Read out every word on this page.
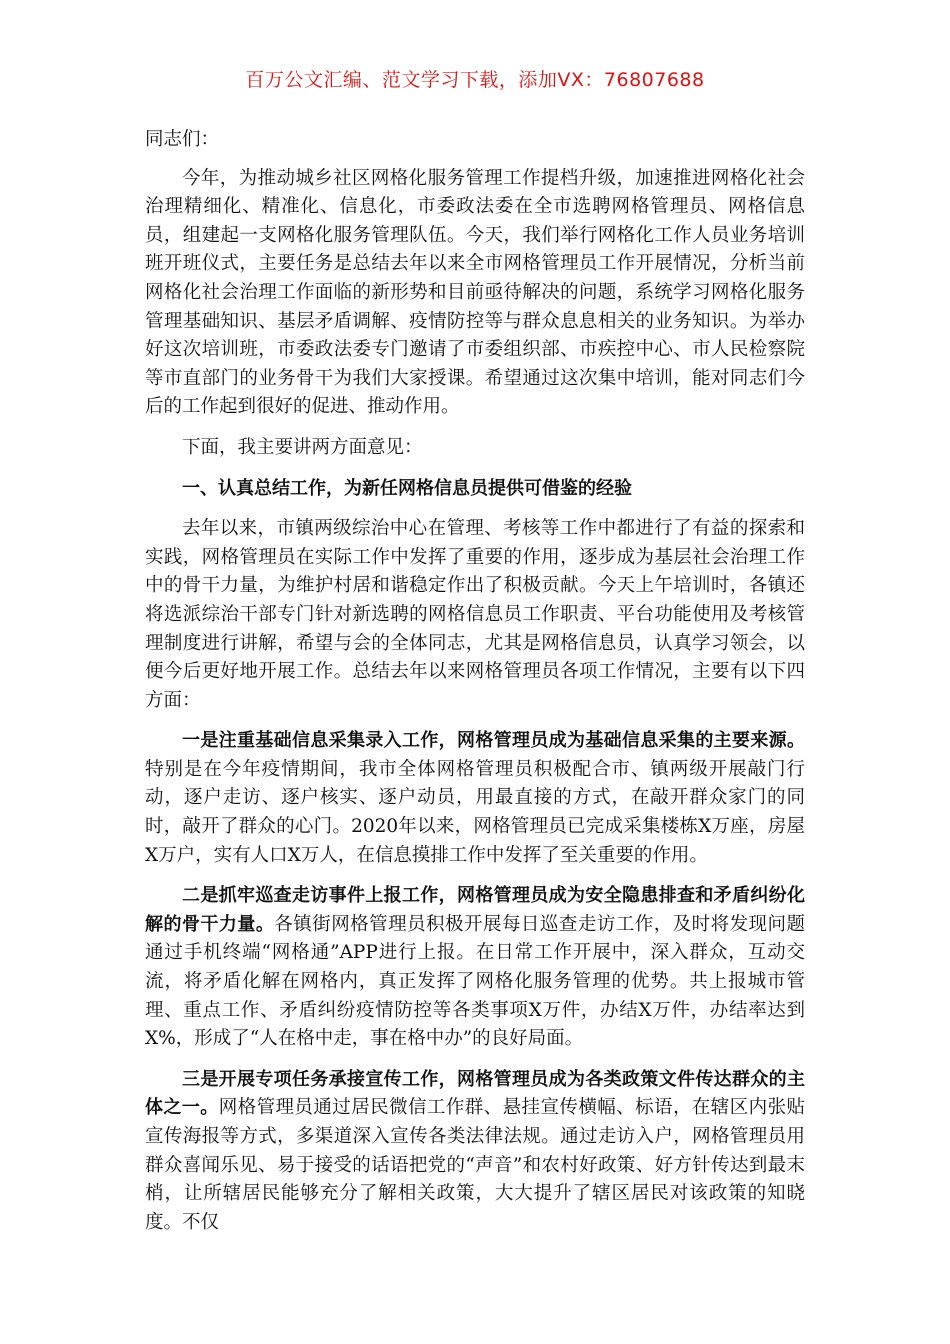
百万公文汇编、范文学习下载，添加VX：76807688

同志们：

今年，为推动城乡社区网格化服务管理工作提档升级，加速推进网格化社会治理精细化、精准化、信息化，市委政法委在全市选聘网格管理员、网格信息员，组建起一支网格化服务管理队伍。今天，我们举行网格化工作人员业务培训班开班仪式，主要任务是总结去年以来全市网格管理员工作开展情况，分析当前网格化社会治理工作面临的新形势和目前亟待解决的问题，系统学习网格化服务管理基础知识、基层矛盾调解、疫情防控等与群众息息相关的业务知识。为举办好这次培训班，市委政法委专门邀请了市委组织部、市疾控中心、市人民检察院等市直部门的业务骨干为我们大家授课。希望通过这次集中培训，能对同志们今后的工作起到很好的促进、推动作用。

下面，我主要讲两方面意见：

一、认真总结工作，为新任网格信息员提供可借鉴的经验

去年以来，市镇两级综治中心在管理、考核等工作中都进行了有益的探索和实践，网格管理员在实际工作中发挥了重要的作用，逐步成为基层社会治理工作中的骨干力量，为维护村居和谐稳定作出了积极贡献。今天上午培训时，各镇还将选派综治干部专门针对新选聘的网格信息员工作职责、平台功能使用及考核管理制度进行讲解，希望与会的全体同志，尤其是网格信息员，认真学习领会，以便今后更好地开展工作。总结去年以来网格管理员各项工作情况，主要有以下四方面：

一是注重基础信息采集录入工作，网格管理员成为基础信息采集的主要来源。特别是在今年疫情期间，我市全体网格管理员积极配合市、镇两级开展敲门行动，逐户走访、逐户核实、逐户动员，用最直接的方式，在敲开群众家门的同时，敲开了群众的心门。2020年以来，网格管理员已完成采集楼栋X万座，房屋X万户，实有人口X万人，在信息摸排工作中发挥了至关重要的作用。

二是抓牢巡查走访事件上报工作，网格管理员成为安全隐患排查和矛盾纠纷化解的骨干力量。各镇街网格管理员积极开展每日巡查走访工作，及时将发现问题通过手机终端“网格通”APP进行上报。在日常工作开展中，深入群众，互动交流，将矛盾化解在网格内，真正发挥了网格化服务管理的优势。共上报城市管理、重点工作、矛盾纠纷疫情防控等各类事项X万件，办结X万件，办结率达到X%，形成了“人在格中走，事在格中办”的良好局面。

三是开展专项任务承接宣传工作，网格管理员成为各类政策文件传达群众的主体之一。网格管理员通过居民微信工作群、悬挂宣传横幅、标语，在辖区内张贴宣传海报等方式，多渠道深入宣传各类法律法规。通过走访入户，网格管理员用群众喜闻乐见、易于接受的话语把党的“声音”和农村好政策、好方针传达到最末梢，让所辖居民能够充分了解相关政策，大大提升了辖区居民对该政策的知晓度。不仅
